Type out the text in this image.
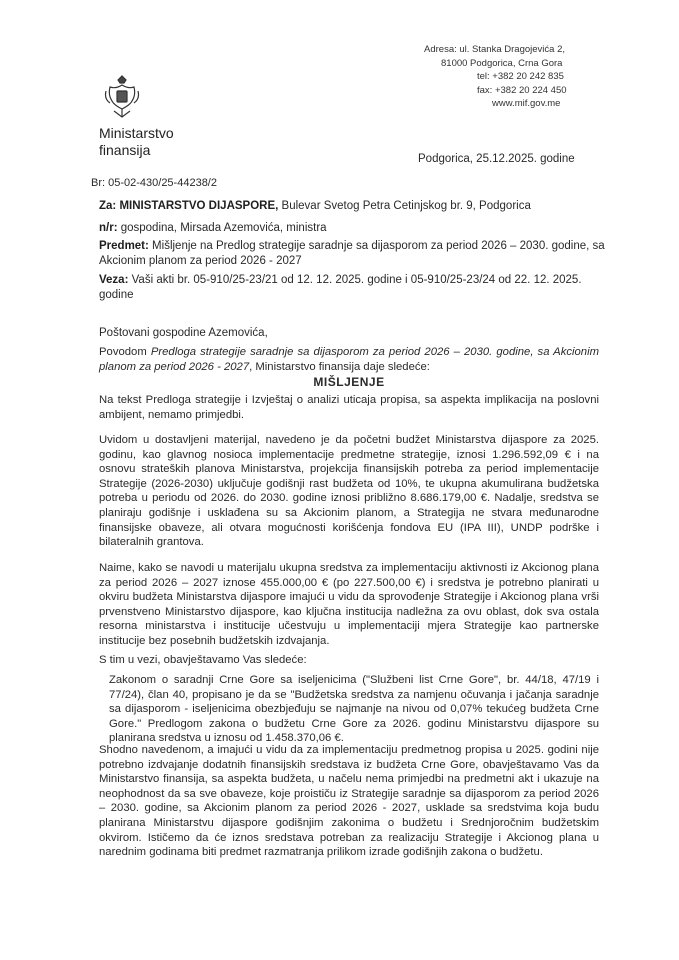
Ministarstvo
finansija
Adresa: ul. Stanka Dragojevića 2,
81000 Podgorica, Crna Gora
tel: +382 20 242 835
fax: +382 20 224 450
www.mif.gov.me
Podgorica, 25.12.2025. godine
Br: 05-02-430/25-44238/2
Za: MINISTARSTVO DIJASPORE, Bulevar Svetog Petra Cetinjskog br. 9, Podgorica
n/r: gospodina, Mirsada Azemovića, ministra
Predmet: Mišljenje na Predlog strategije saradnje sa dijasporom za period 2026 – 2030. godine, sa Akcionim planom za period 2026 - 2027
Veza: Vaši akti br. 05-910/25-23/21 od 12. 12. 2025. godine i 05-910/25-23/24 od 22. 12. 2025. godine
Poštovani gospodine Azemovića,
Povodom Predloga strategije saradnje sa dijasporom za period 2026 – 2030. godine, sa Akcionim planom za period 2026 - 2027, Ministarstvo finansija daje sledeće:
MIŠLJENJE
Na tekst Predloga strategije i Izvještaj o analizi uticaja propisa, sa aspekta implikacija na poslovni ambijent, nemamo primjedbi.
Uvidom u dostavljeni materijal, navedeno je da početni budžet Ministarstva dijaspore za 2025. godinu, kao glavnog nosioca implementacije predmetne strategije, iznosi 1.296.592,09 € i na osnovu strateških planova Ministarstva, projekcija finansijskih potreba za period implementacije Strategije (2026-2030) uključuje godišnji rast budžeta od 10%, te ukupna akumulirana budžetska potreba u periodu od 2026. do 2030. godine iznosi približno 8.686.179,00 €. Nadalje, sredstva se planiraju godišnje i usklađena su sa Akcionim planom, a Strategija ne stvara međunarodne finansijske obaveze, ali otvara mogućnosti korišćenja fondova EU (IPA III), UNDP podrške i bilateralnih grantova.
Naime, kako se navodi u materijalu ukupna sredstva za implementaciju aktivnosti iz Akcionog plana za period 2026 – 2027 iznose 455.000,00 € (po 227.500,00 €) i sredstva je potrebno planirati u okviru budžeta Ministarstva dijaspore imajući u vidu da sprovođenje Strategije i Akcionog plana vrši prvenstveno Ministarstvo dijaspore, kao ključna institucija nadležna za ovu oblast, dok sva ostala resorna ministarstva i institucije učestvuju u implementaciji mjera Strategije kao partnerske institucije bez posebnih budžetskih izdvajanja.
S tim u vezi, obavještavamo Vas sledeće:
Zakonom o saradnji Crne Gore sa iseljenicima ("Službeni list Crne Gore", br. 44/18, 47/19 i 77/24), član 40, propisano je da se "Budžetska sredstva za namjenu očuvanja i jačanja saradnje sa dijasporom - iseljenicima obezbjeđuju se najmanje na nivou od 0,07% tekućeg budžeta Crne Gore." Predlogom zakona o budžetu Crne Gore za 2026. godinu Ministarstvu dijaspore su planirana sredstva u iznosu od 1.458.370,06 €.
Shodno navedenom, a imajući u vidu da za implementaciju predmetnog propisa u 2025. godini nije potrebno izdvajanje dodatnih finansijskih sredstava iz budžeta Crne Gore, obavještavamo Vas da Ministarstvo finansija, sa aspekta budžeta, u načelu nema primjedbi na predmetni akt i ukazuje na neophodnost da sa sve obaveze, koje proističu iz Strategije saradnje sa dijasporom za period 2026 – 2030. godine, sa Akcionim planom za period 2026 - 2027, usklade sa sredstvima koja budu planirana Ministarstvu dijaspore godišnjim zakonima o budžetu i Srednjoročnim budžetskim okvirom. Ističemo da će iznos sredstava potreban za realizaciju Strategije i Akcionog plana u narednim godinama biti predmet razmatranja prilikom izrade godišnjih zakona o budžetu.
